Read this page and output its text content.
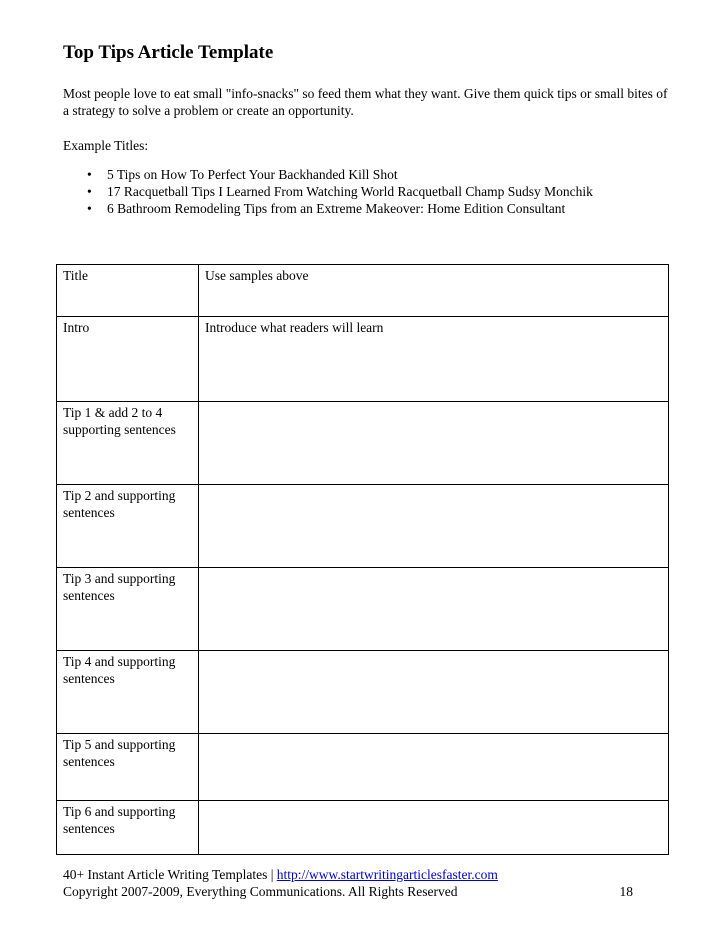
Top Tips Article Template

Most people love to eat small "info-snacks" so feed them what they want. Give them quick tips or small bites of a strategy to solve a problem or create an opportunity.

Example Titles:

• 5 Tips on How To Perfect Your Backhanded Kill Shot
• 17 Racquetball Tips I Learned From Watching World Racquetball Champ Sudsy Monchik
• 6 Bathroom Remodeling Tips from an Extreme Makeover: Home Edition Consultant
Title	Use samples above
Intro	Introduce what readers will learn
Tip 1 & add 2 to 4 supporting sentences	
Tip 2 and supporting sentences	
Tip 3 and supporting sentences	
Tip 4 and supporting sentences	
Tip 5 and supporting sentences	
Tip 6 and supporting sentences	
40+ Instant Article Writing Templates | http://www.startwritingarticlesfaster.com
Copyright 2007-2009, Everything Communications. All Rights Reserved	18
